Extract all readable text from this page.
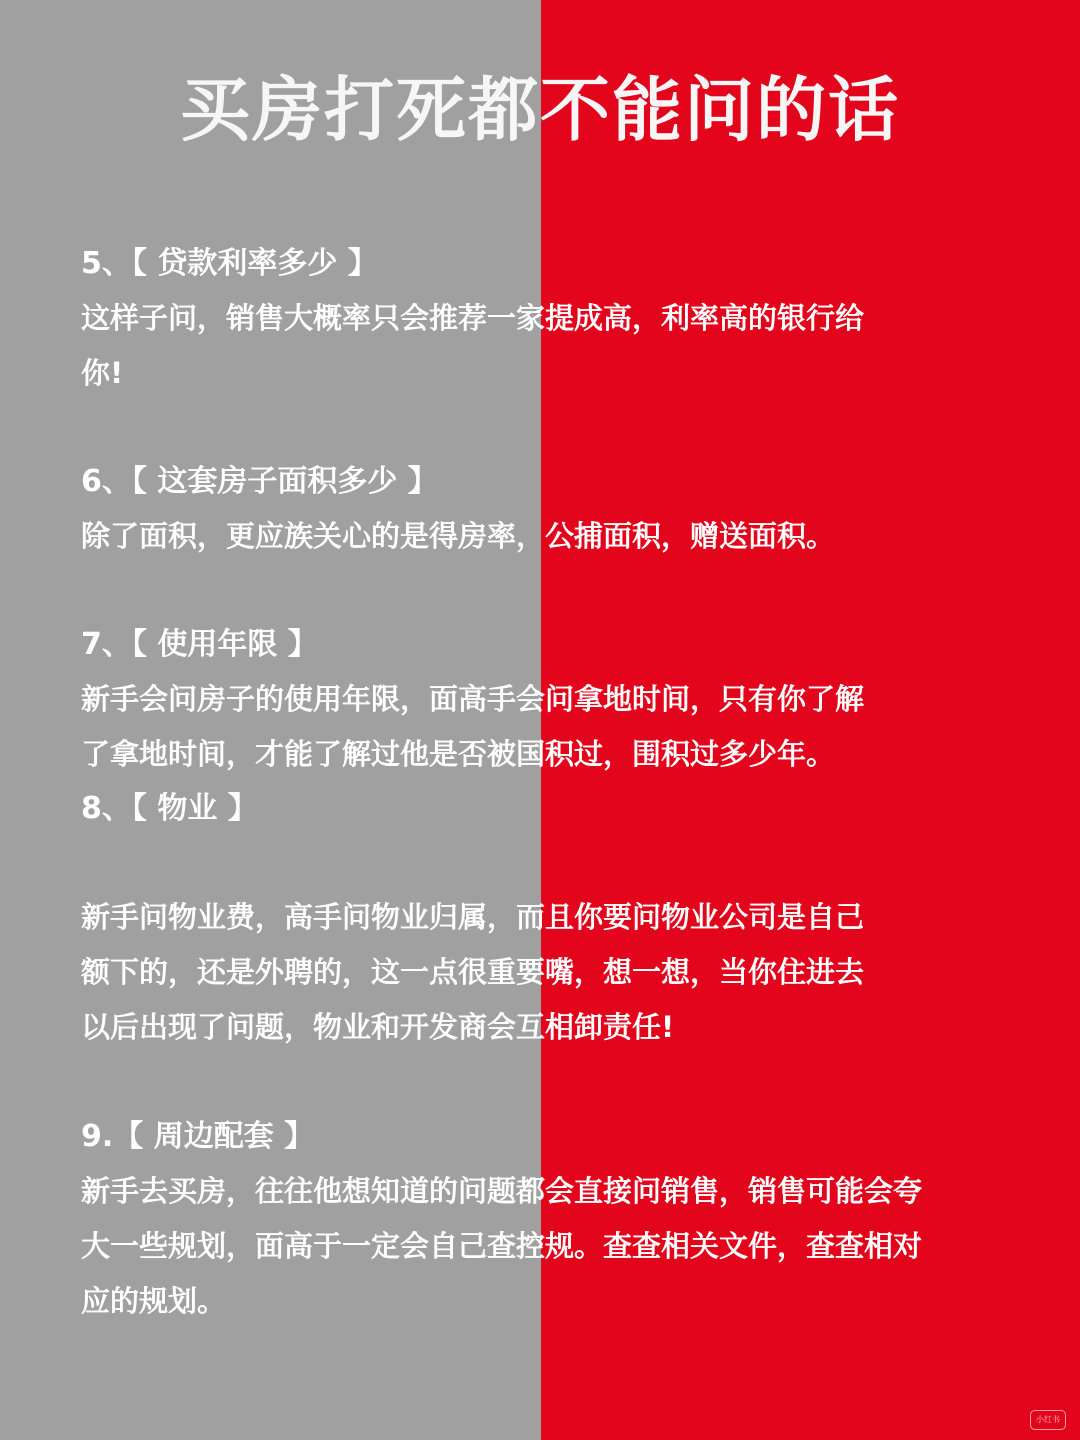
买房打死都不能问的话
5、【 贷款利率多少 】
这样子问，销售大概率只会推荐一家提成高，利率高的银行给
你!
6、【 这套房子面积多少 】
除了面积，更应族关心的是得房率，公捕面积，赠送面积。
7、【 使用年限 】
新手会问房子的使用年限，面高手会问拿地时间，只有你了解
了拿地时间，才能了解过他是否被国积过，围积过多少年。
8、【 物业 】
新手问物业费，高手问物业归属，而且你要问物业公司是自己
额下的，还是外聘的，这一点很重要嘴，想一想，当你住进去
以后出现了问题，物业和开发商会互相卸责任!
9.【 周边配套 】
新手去买房，往往他想知道的问题都会直接问销售，销售可能会夸
大一些规划，面高于一定会自己查控规。查查相关文件，查查相对
应的规划。
小红书
